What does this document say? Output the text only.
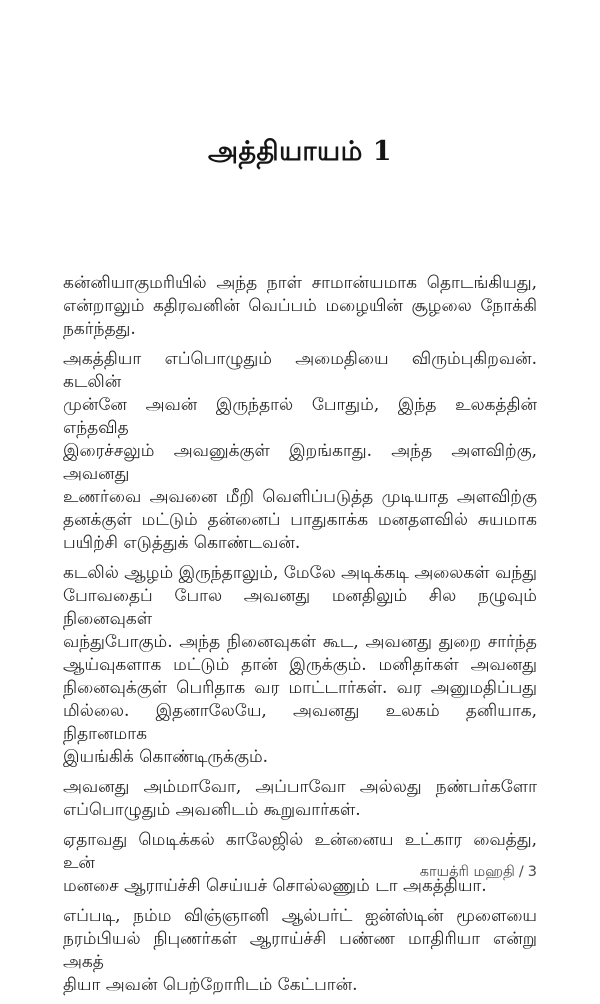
அத்தியாயம் 1

கன்னியாகுமரியில் அந்த நாள் சாமான்யமாக தொடங்கியது,
என்றாலும் கதிரவனின் வெப்பம் மழையின் சூழலை நோக்கி
நகர்ந்தது.

அகத்தியா எப்பொழுதும் அமைதியை விரும்புகிறவன். கடலின்
முன்னே அவன் இருந்தால் போதும், இந்த உலகத்தின் எந்தவித
இரைச்சலும் அவனுக்குள் இறங்காது. அந்த அளவிற்கு, அவனது
உணர்வை அவனை மீறி வெளிப்படுத்த முடியாத அளவிற்கு
தனக்குள் மட்டும் தன்னைப் பாதுகாக்க மனதளவில் சுயமாக
பயிற்சி எடுத்துக் கொண்டவன்.

கடலில் ஆழம் இருந்தாலும், மேலே அடிக்கடி அலைகள் வந்து
போவதைப் போல அவனது மனதிலும் சில நழுவும் நினைவுகள்
வந்துபோகும். அந்த நினைவுகள் கூட, அவனது துறை சார்ந்த
ஆய்வுகளாக மட்டும் தான் இருக்கும். மனிதர்கள் அவனது
நினைவுக்குள் பெரிதாக வர மாட்டார்கள். வர அனுமதிப்பது
மில்லை. இதனாலேயே, அவனது உலகம் தனியாக, நிதானமாக
இயங்கிக் கொண்டிருக்கும்.

அவனது அம்மாவோ, அப்பாவோ அல்லது நண்பர்களோ
எப்பொழுதும் அவனிடம் கூறுவார்கள்.

ஏதாவது மெடிக்கல் காலேஜில் உன்னைய உட்கார வைத்து, உன்
மனசை ஆராய்ச்சி செய்யச் சொல்லணும் டா அகத்தியா.

எப்படி, நம்ம விஞ்ஞானி ஆல்பர்ட் ஐன்ஸ்டின் மூளையை
நரம்பியல் நிபுணர்கள் ஆராய்ச்சி பண்ண மாதிரியா என்று அகத்
தியா அவன் பெற்றோரிடம் கேட்பான்.

காயத்ரி மஹதி / 3
